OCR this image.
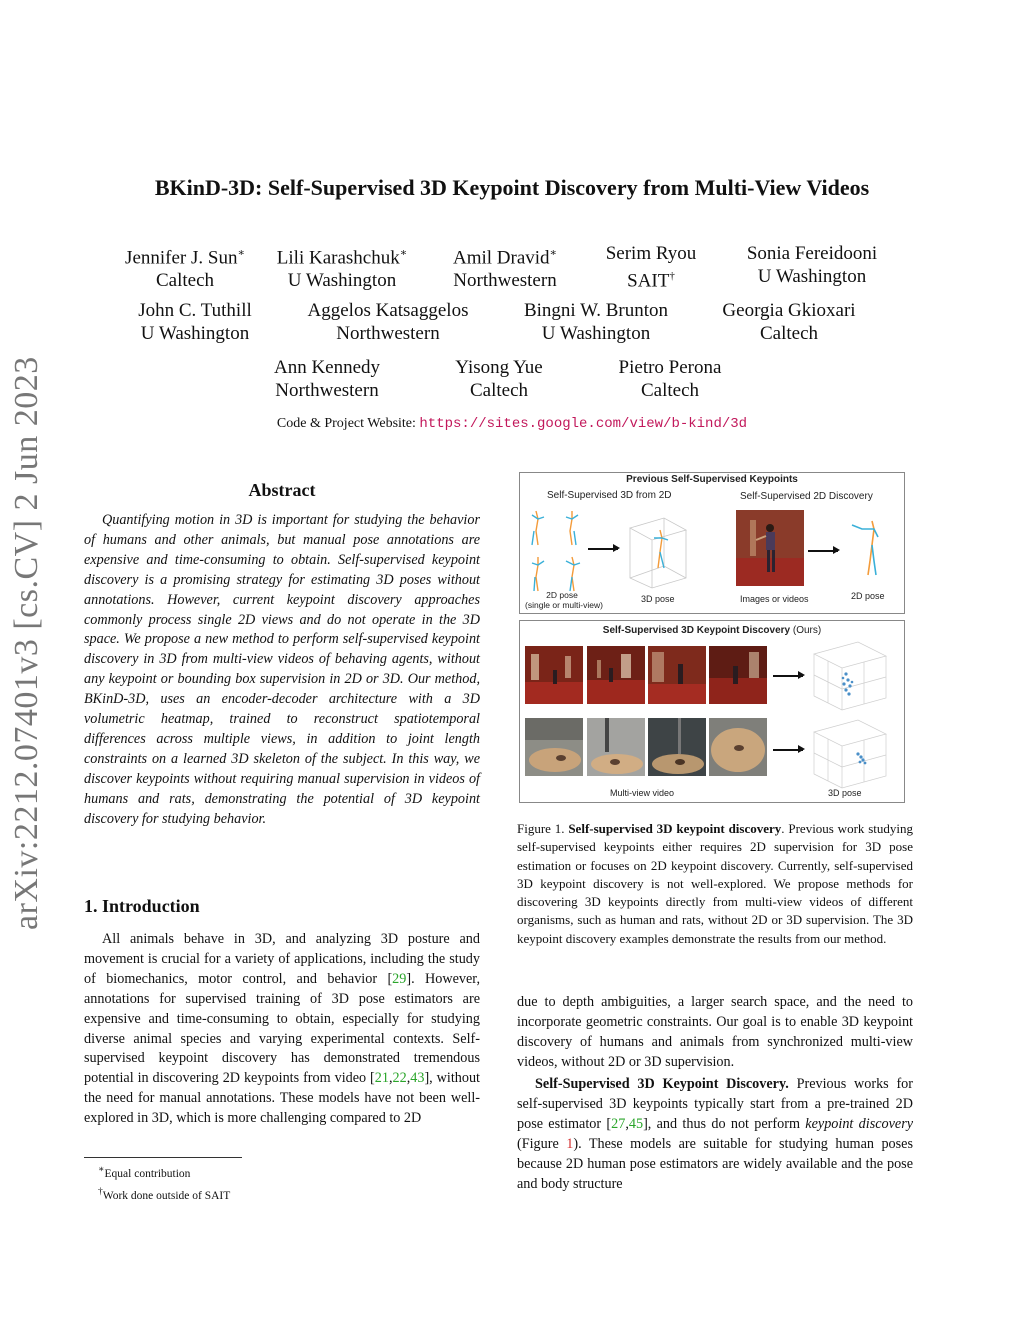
arXiv:2212.07401v3 [cs.CV] 2 Jun 2023
BKinD-3D: Self-Supervised 3D Keypoint Discovery from Multi-View Videos
Jennifer J. Sun∗
Caltech
Lili Karashchuk∗
U Washington
Amil Dravid∗
Northwestern
Serim Ryou
SAIT†
Sonia Fereidooni
U Washington
John C. Tuthill
U Washington
Aggelos Katsaggelos
Northwestern
Bingni W. Brunton
U Washington
Georgia Gkioxari
Caltech
Ann Kennedy
Northwestern
Yisong Yue
Caltech
Pietro Perona
Caltech
Code & Project Website: https://sites.google.com/view/b-kind/3d
Abstract
Quantifying motion in 3D is important for studying the behavior of humans and other animals, but manual pose annotations are expensive and time-consuming to obtain. Self-supervised keypoint discovery is a promising strategy for estimating 3D poses without annotations. However, current keypoint discovery approaches commonly process single 2D views and do not operate in the 3D space. We propose a new method to perform self-supervised keypoint discovery in 3D from multi-view videos of behaving agents, without any keypoint or bounding box supervision in 2D or 3D. Our method, BKinD-3D, uses an encoder-decoder architecture with a 3D volumetric heatmap, trained to reconstruct spatiotemporal differences across multiple views, in addition to joint length constraints on a learned 3D skeleton of the subject. In this way, we discover keypoints without requiring manual supervision in videos of humans and rats, demonstrating the potential of 3D keypoint discovery for studying behavior.
1. Introduction
All animals behave in 3D, and analyzing 3D posture and movement is crucial for a variety of applications, including the study of biomechanics, motor control, and behavior [29]. However, annotations for supervised training of 3D pose estimators are expensive and time-consuming to obtain, especially for studying diverse animal species and varying experimental contexts. Self-supervised keypoint discovery has demonstrated tremendous potential in discovering 2D keypoints from video [21,22,43], without the need for manual annotations. These models have not been well-explored in 3D, which is more challenging compared to 2D
∗Equal contribution
†Work done outside of SAIT
Previous Self-Supervised Keypoints
Self-Supervised 3D from 2D	Self-Supervised 2D Discovery
2D pose
(single or multi-view)
3D pose	Images or videos	2D pose
Self-Supervised 3D Keypoint Discovery (Ours)
Multi-view video	3D pose
Figure 1. Self-supervised 3D keypoint discovery. Previous work studying self-supervised keypoints either requires 2D supervision for 3D pose estimation or focuses on 2D keypoint discovery. Currently, self-supervised 3D keypoint discovery is not well-explored. We propose methods for discovering 3D keypoints directly from multi-view videos of different organisms, such as human and rats, without 2D or 3D supervision. The 3D keypoint discovery examples demonstrate the results from our method.
due to depth ambiguities, a larger search space, and the need to incorporate geometric constraints. Our goal is to enable 3D keypoint discovery of humans and animals from synchronized multi-view videos, without 2D or 3D supervision.
Self-Supervised 3D Keypoint Discovery. Previous works for self-supervised 3D keypoints typically start from a pre-trained 2D pose estimator [27,45], and thus do not perform keypoint discovery (Figure 1). These models are suitable for studying human poses because 2D human pose estimators are widely available and the pose and body structure
